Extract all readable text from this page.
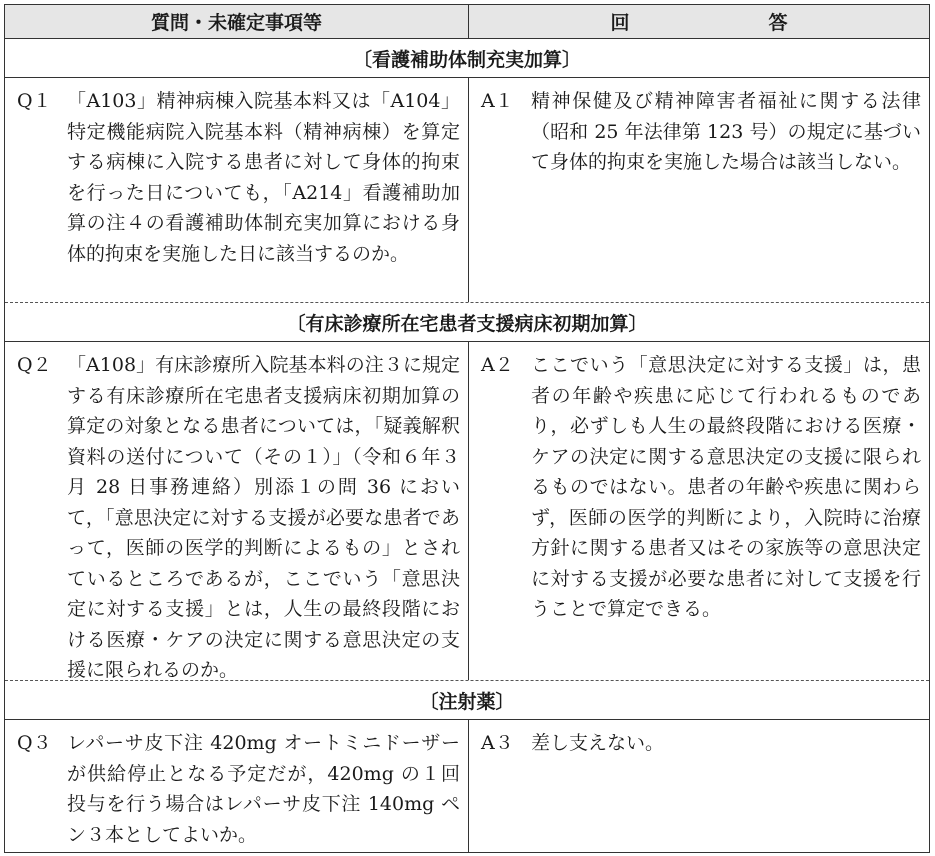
質問・未確定事項等	回　答
〔看護補助体制充実加算〕
Q１ 「A103」精神病棟入院基本料又は「A104」特定機能病院入院基本料（精神病棟）を算定する病棟に入院する患者に対して身体的拘束を行った日についても，「A214」看護補助加算の注４の看護補助体制充実加算における身体的拘束を実施した日に該当するのか。
A１ 精神保健及び精神障害者福祉に関する法律（昭和 25 年法律第 123 号）の規定に基づいて身体的拘束を実施した場合は該当しない。
〔有床診療所在宅患者支援病床初期加算〕
Q２ 「A108」有床診療所入院基本料の注３に規定する有床診療所在宅患者支援病床初期加算の算定の対象となる患者については，「疑義解釈資料の送付について（その１）」（令和６年３月 28 日事務連絡）別添１の問 36 において，「意思決定に対する支援が必要な患者であって，医師の医学的判断によるもの」とされているところであるが，ここでいう「意思決定に対する支援」とは，人生の最終段階における医療・ケアの決定に関する意思決定の支援に限られるのか。
A２ ここでいう「意思決定に対する支援」は，患者の年齢や疾患に応じて行われるものであり，必ずしも人生の最終段階における医療・ケアの決定に関する意思決定の支援に限られるものではない。患者の年齢や疾患に関わらず，医師の医学的判断により，入院時に治療方針に関する患者又はその家族等の意思決定に対する支援が必要な患者に対して支援を行うことで算定できる。
〔注射薬〕
Q３ レパーサ皮下注 420mg オートミニドーザーが供給停止となる予定だが，420mg の１回投与を行う場合はレパーサ皮下注 140mg ペン３本としてよいか。
A３ 差し支えない。
